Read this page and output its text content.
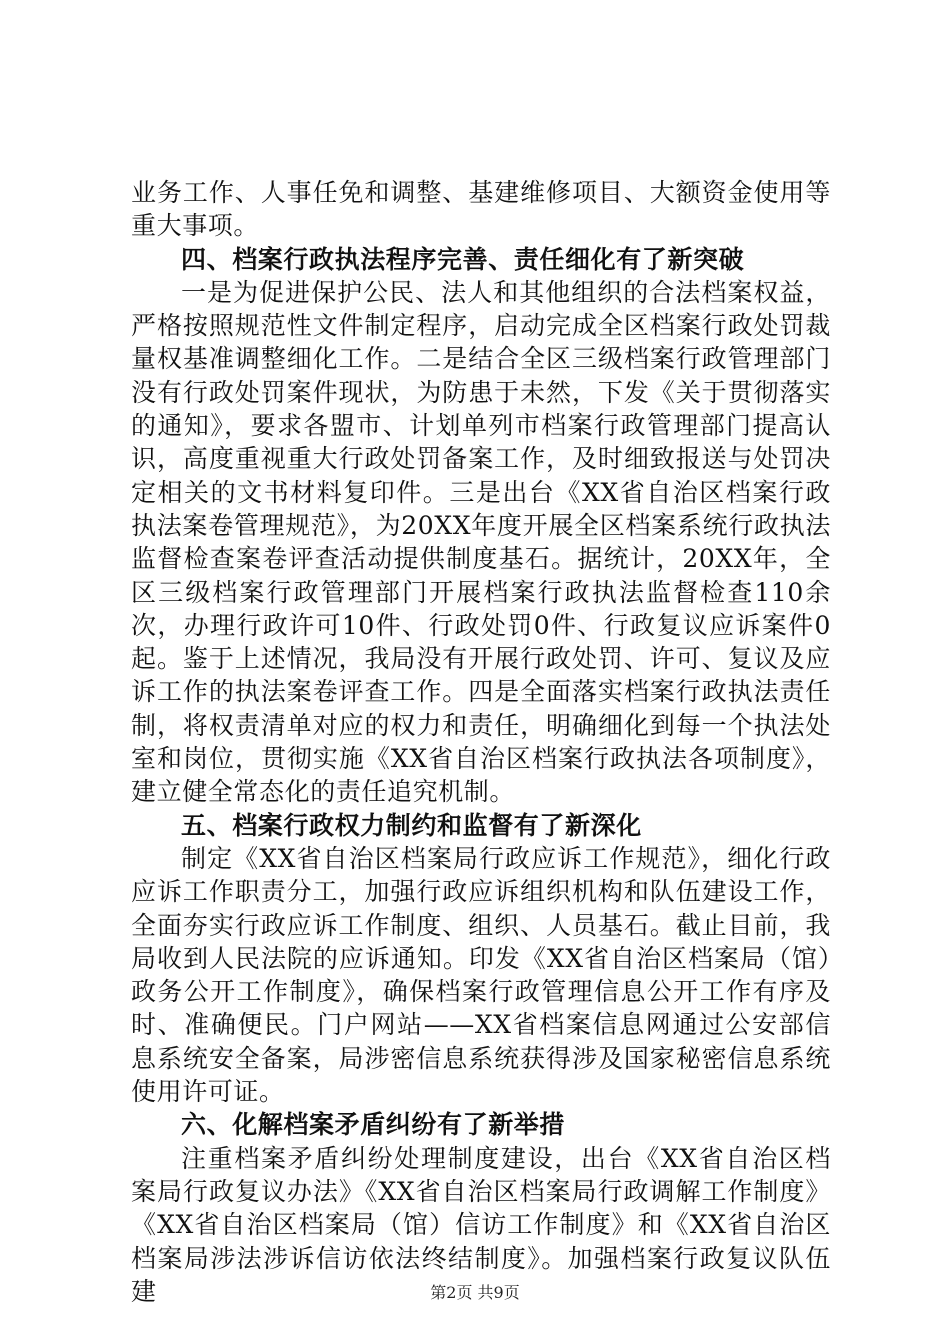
业务工作、人事任免和调整、基建维修项目、大额资金使用等重大事项。

四、档案行政执法程序完善、责任细化有了新突破

一是为促进保护公民、法人和其他组织的合法档案权益，严格按照规范性文件制定程序，启动完成全区档案行政处罚裁量权基准调整细化工作。二是结合全区三级档案行政管理部门没有行政处罚案件现状，为防患于未然，下发《关于贯彻落实的通知》，要求各盟市、计划单列市档案行政管理部门提高认识，高度重视重大行政处罚备案工作，及时细致报送与处罚决定相关的文书材料复印件。三是出台《XX省自治区档案行政执法案卷管理规范》，为20XX年度开展全区档案系统行政执法监督检查案卷评查活动提供制度基石。据统计，20XX年，全区三级档案行政管理部门开展档案行政执法监督检查110余次，办理行政许可10件、行政处罚0件、行政复议应诉案件0起。鉴于上述情况，我局没有开展行政处罚、许可、复议及应诉工作的执法案卷评查工作。四是全面落实档案行政执法责任制，将权责清单对应的权力和责任，明确细化到每一个执法处室和岗位，贯彻实施《XX省自治区档案行政执法各项制度》，建立健全常态化的责任追究机制。

五、档案行政权力制约和监督有了新深化

制定《XX省自治区档案局行政应诉工作规范》，细化行政应诉工作职责分工，加强行政应诉组织机构和队伍建设工作，全面夯实行政应诉工作制度、组织、人员基石。截止目前，我局收到人民法院的应诉通知。印发《XX省自治区档案局（馆）政务公开工作制度》，确保档案行政管理信息公开工作有序及时、准确便民。门户网站——XX省档案信息网通过公安部信息系统安全备案，局涉密信息系统获得涉及国家秘密信息系统使用许可证。

六、化解档案矛盾纠纷有了新举措

注重档案矛盾纠纷处理制度建设，出台《XX省自治区档案局行政复议办法》《XX省自治区档案局行政调解工作制度》《XX省自治区档案局（馆）信访工作制度》和《XX省自治区档案局涉法涉诉信访依法终结制度》。加强档案行政复议队伍建	第2页 共9页
